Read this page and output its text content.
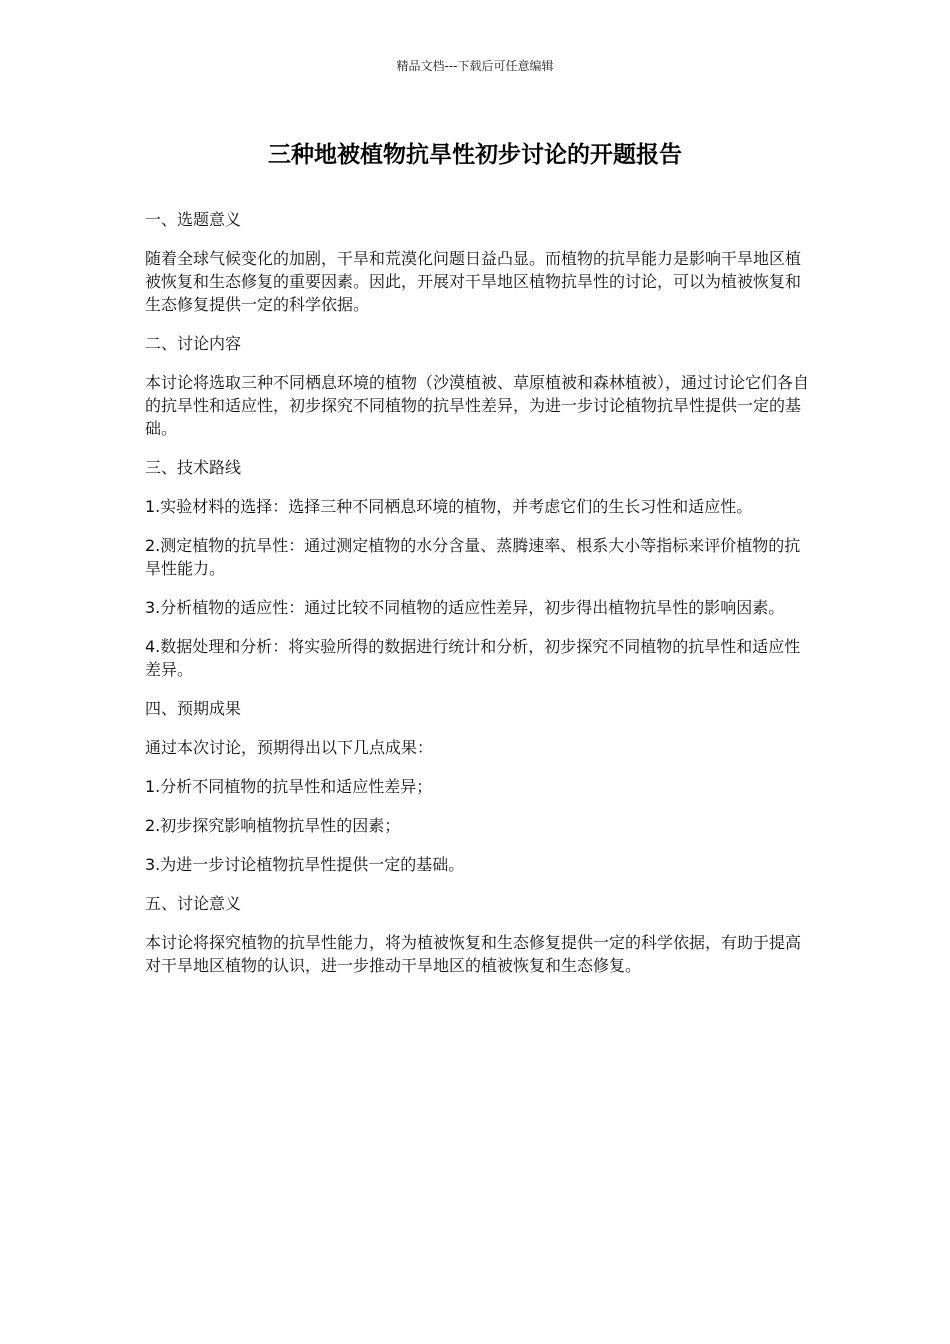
精品文档---下载后可任意编辑
三种地被植物抗旱性初步讨论的开题报告

一、选题意义

随着全球气候变化的加剧，干旱和荒漠化问题日益凸显。而植物的抗旱能力是影响干旱地区植被恢复和生态修复的重要因素。因此，开展对干旱地区植物抗旱性的讨论，可以为植被恢复和生态修复提供一定的科学依据。

二、讨论内容

本讨论将选取三种不同栖息环境的植物（沙漠植被、草原植被和森林植被），通过讨论它们各自的抗旱性和适应性，初步探究不同植物的抗旱性差异，为进一步讨论植物抗旱性提供一定的基础。

三、技术路线

1.实验材料的选择：选择三种不同栖息环境的植物，并考虑它们的生长习性和适应性。

2.测定植物的抗旱性：通过测定植物的水分含量、蒸腾速率、根系大小等指标来评价植物的抗旱性能力。

3.分析植物的适应性：通过比较不同植物的适应性差异，初步得出植物抗旱性的影响因素。

4.数据处理和分析：将实验所得的数据进行统计和分析，初步探究不同植物的抗旱性和适应性差异。

四、预期成果

通过本次讨论，预期得出以下几点成果：

1.分析不同植物的抗旱性和适应性差异；

2.初步探究影响植物抗旱性的因素；

3.为进一步讨论植物抗旱性提供一定的基础。

五、讨论意义

本讨论将探究植物的抗旱性能力，将为植被恢复和生态修复提供一定的科学依据，有助于提高对干旱地区植物的认识，进一步推动干旱地区的植被恢复和生态修复。
